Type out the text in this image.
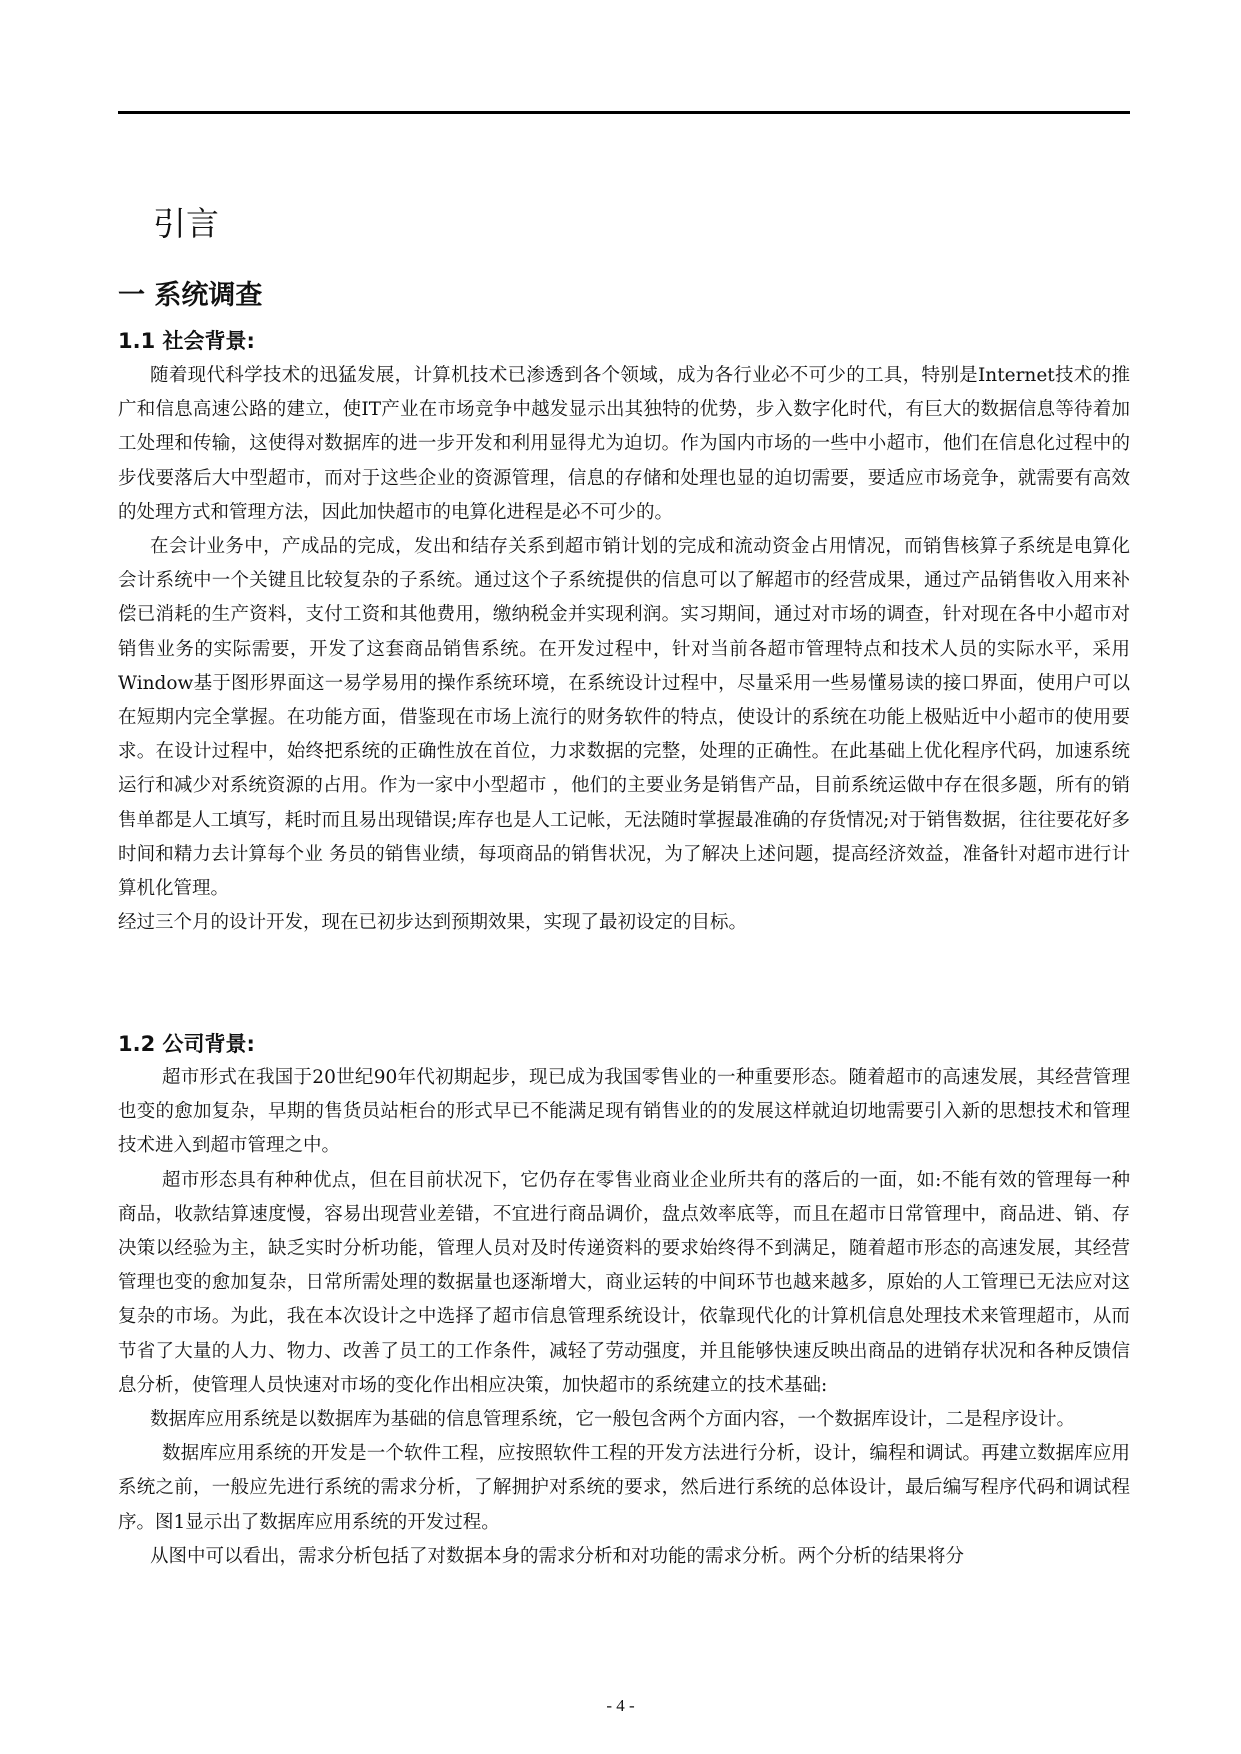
引言
一 系统调查
1.1 社会背景:

随着现代科学技术的迅猛发展，计算机技术已渗透到各个领域，成为各行业必不可少的工具，特别是Internet技术的推广和信息高速公路的建立，使IT产业在市场竞争中越发显示出其独特的优势，步入数字化时代，有巨大的数据信息等待着加工处理和传输，这使得对数据库的进一步开发和利用显得尤为迫切。作为国内市场的一些中小超市，他们在信息化过程中的步伐要落后大中型超市，而对于这些企业的资源管理，信息的存储和处理也显的迫切需要，要适应市场竞争，就需要有高效的处理方式和管理方法，因此加快超市的电算化进程是必不可少的。

在会计业务中，产成品的完成，发出和结存关系到超市销计划的完成和流动资金占用情况，而销售核算子系统是电算化会计系统中一个关键且比较复杂的子系统。通过这个子系统提供的信息可以了解超市的经营成果，通过产品销售收入用来补偿已消耗的生产资料，支付工资和其他费用，缴纳税金并实现利润。实习期间，通过对市场的调查，针对现在各中小超市对销售业务的实际需要，开发了这套商品销售系统。在开发过程中，针对当前各超市管理特点和技术人员的实际水平，采用Window基于图形界面这一易学易用的操作系统环境，在系统设计过程中，尽量采用一些易懂易读的接口界面，使用户可以在短期内完全掌握。在功能方面，借鉴现在市场上流行的财务软件的特点，使设计的系统在功能上极贴近中小超市的使用要求。在设计过程中，始终把系统的正确性放在首位，力求数据的完整，处理的正确性。在此基础上优化程序代码，加速系统运行和减少对系统资源的占用。作为一家中小型超市 ，他们的主要业务是销售产品，目前系统运做中存在很多题，所有的销售单都是人工填写，耗时而且易出现错误;库存也是人工记帐，无法随时掌握最准确的存货情况;对于销售数据，往往要花好多时间和精力去计算每个业 务员的销售业绩，每项商品的销售状况，为了解决上述问题，提高经济效益，准备针对超市进行计算机化管理。

经过三个月的设计开发，现在已初步达到预期效果，实现了最初设定的目标。

1.2 公司背景:

超市形式在我国于20世纪90年代初期起步，现已成为我国零售业的一种重要形态。随着超市的高速发展，其经营管理也变的愈加复杂，早期的售货员站柜台的形式早已不能满足现有销售业的的发展这样就迫切地需要引入新的思想技术和管理技术进入到超市管理之中。

超市形态具有种种优点，但在目前状况下，它仍存在零售业商业企业所共有的落后的一面，如:不能有效的管理每一种商品，收款结算速度慢，容易出现营业差错，不宜进行商品调价，盘点效率底等，而且在超市日常管理中，商品进、销、存决策以经验为主，缺乏实时分析功能，管理人员对及时传递资料的要求始终得不到满足，随着超市形态的高速发展，其经营管理也变的愈加复杂，日常所需处理的数据量也逐渐增大，商业运转的中间环节也越来越多，原始的人工管理已无法应对这复杂的市场。为此，我在本次设计之中选择了超市信息管理系统设计，依靠现代化的计算机信息处理技术来管理超市，从而节省了大量的人力、物力、改善了员工的工作条件，减轻了劳动强度，并且能够快速反映出商品的进销存状况和各种反馈信息分析，使管理人员快速对市场的变化作出相应决策，加快超市的系统建立的技术基础:

数据库应用系统是以数据库为基础的信息管理系统，它一般包含两个方面内容，一个数据库设计，二是程序设计。

数据库应用系统的开发是一个软件工程，应按照软件工程的开发方法进行分析，设计，编程和调试。再建立数据库应用系统之前，一般应先进行系统的需求分析，了解拥护对系统的要求，然后进行系统的总体设计，最后编写程序代码和调试程序。图1显示出了数据库应用系统的开发过程。

从图中可以看出，需求分析包括了对数据本身的需求分析和对功能的需求分析。两个分析的结果将分

- 4 -
